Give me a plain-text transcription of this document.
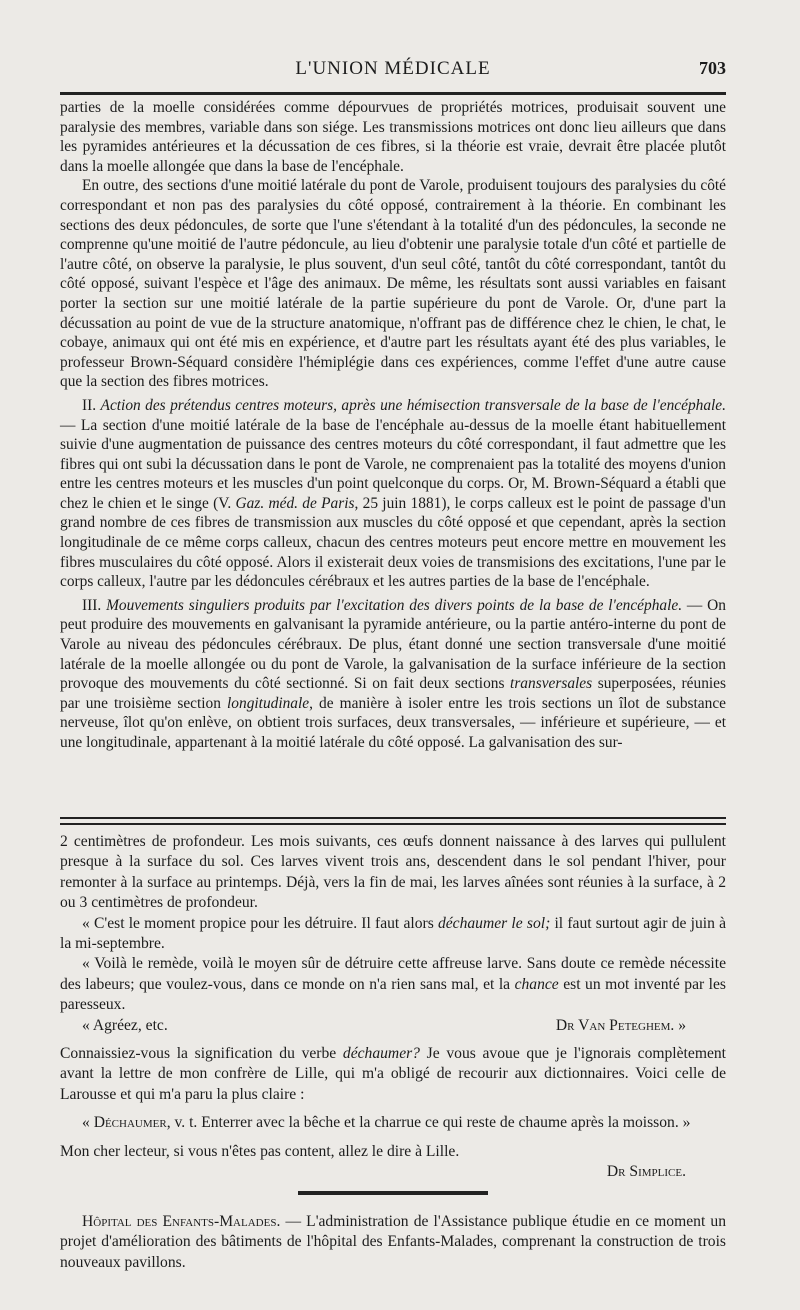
L'UNION MÉDICALE	703

parties de la moelle considérées comme dépourvues de propriétés motrices, produisait souvent une paralysie des membres, variable dans son siége. Les transmissions motrices ont donc lieu ailleurs que dans les pyramides antérieures et la décussation de ces fibres, si la théorie est vraie, devrait être placée plutôt dans la moelle allongée que dans la base de l'encéphale.

En outre, des sections d'une moitié latérale du pont de Varole, produisent toujours des paralysies du côté correspondant et non pas des paralysies du côté opposé, contrairement à la théorie. En combinant les sections des deux pédoncules, de sorte que l'une s'étendant à la totalité d'un des pédoncules, la seconde ne comprenne qu'une moitié de l'autre pédoncule, au lieu d'obtenir une paralysie totale d'un côté et partielle de l'autre côté, on observe la paralysie, le plus souvent, d'un seul côté, tantôt du côté correspondant, tantôt du côté opposé, suivant l'espèce et l'âge des animaux. De même, les résultats sont aussi variables en faisant porter la section sur une moitié latérale de la partie supérieure du pont de Varole. Or, d'une part la décussation au point de vue de la structure anatomique, n'offrant pas de différence chez le chien, le chat, le cobaye, animaux qui ont été mis en expérience, et d'autre part les résultats ayant été des plus variables, le professeur Brown-Séquard considère l'hémiplégie dans ces expériences, comme l'effet d'une autre cause que la section des fibres motrices.

II. Action des prétendus centres moteurs, après une hémisection transversale de la base de l'encéphale. — La section d'une moitié latérale de la base de l'encéphale au-dessus de la moelle étant habituellement suivie d'une augmentation de puissance des centres moteurs du côté correspondant, il faut admettre que les fibres qui ont subi la décussation dans le pont de Varole, ne comprenaient pas la totalité des moyens d'union entre les centres moteurs et les muscles d'un point quelconque du corps. Or, M. Brown-Séquard a établi que chez le chien et le singe (V. Gaz. méd. de Paris, 25 juin 1881), le corps calleux est le point de passage d'un grand nombre de ces fibres de transmission aux muscles du côté opposé et que cependant, après la section longitudinale de ce même corps calleux, chacun des centres moteurs peut encore mettre en mouvement les fibres musculaires du côté opposé. Alors il existerait deux voies de transmisions des excitations, l'une par le corps calleux, l'autre par les dédoncules cérébraux et les autres parties de la base de l'encéphale.

III. Mouvements singuliers produits par l'excitation des divers points de la base de l'encéphale. — On peut produire des mouvements en galvanisant la pyramide antérieure, ou la partie antéro-interne du pont de Varole au niveau des pédoncules cérébraux. De plus, étant donné une section transversale d'une moitié latérale de la moelle allongée ou du pont de Varole, la galvanisation de la surface inférieure de la section provoque des mouvements du côté sectionné. Si on fait deux sections transversales superposées, réunies par une troisième section longitudinale, de manière à isoler entre les trois sections un îlot de substance nerveuse, îlot qu'on enlève, on obtient trois surfaces, deux transversales, — inférieure et supérieure, — et une longitudinale, appartenant à la moitié latérale du côté opposé. La galvanisation des sur-

2 centimètres de profondeur. Les mois suivants, ces œufs donnent naissance à des larves qui pullulent presque à la surface du sol. Ces larves vivent trois ans, descendent dans le sol pendant l'hiver, pour remonter à la surface au printemps. Déjà, vers la fin de mai, les larves aînées sont réunies à la surface, à 2 ou 3 centimètres de profondeur.

« C'est le moment propice pour les détruire. Il faut alors déchaumer le sol; il faut surtout agir de juin à la mi-septembre.

« Voilà le remède, voilà le moyen sûr de détruire cette affreuse larve. Sans doute ce remède nécessite des labeurs; que voulez-vous, dans ce monde on n'a rien sans mal, et la chance est un mot inventé par les paresseux.

« Agréez, etc.	Dr Van Peteghem. »

Connaissiez-vous la signification du verbe déchaumer? Je vous avoue que je l'ignorais complètement avant la lettre de mon confrère de Lille, qui m'a obligé de recourir aux dictionnaires. Voici celle de Larousse et qui m'a paru la plus claire :

« Déchaumer, v. t. Enterrer avec la bêche et la charrue ce qui reste de chaume après la moisson. »

Mon cher lecteur, si vous n'êtes pas content, allez le dire à Lille.

Dr Simplice.

Hôpital des Enfants-Malades. — L'administration de l'Assistance publique étudie en ce moment un projet d'amélioration des bâtiments de l'hôpital des Enfants-Malades, comprenant la construction de trois nouveaux pavillons.
